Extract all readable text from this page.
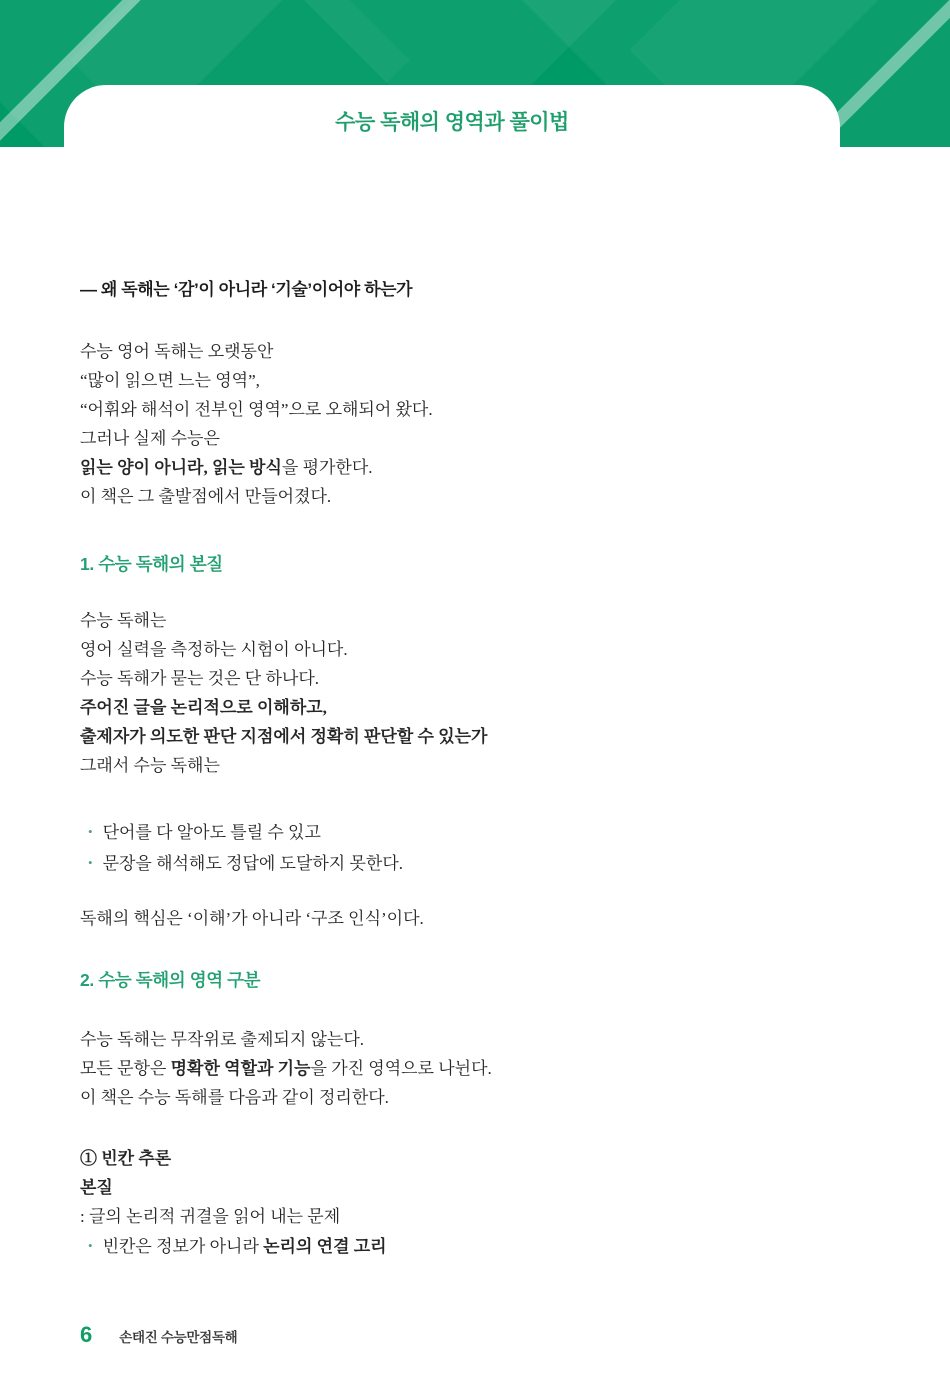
수능 독해의 영역과 풀이법
— 왜 독해는 ‘감’이 아니라 ‘기술’이어야 하는가

수능 영어 독해는 오랫동안

“많이 읽으면 느는 영역”,

“어휘와 해석이 전부인 영역”으로 오해되어 왔다.

그러나 실제 수능은

읽는 양이 아니라, 읽는 방식을 평가한다.

이 책은 그 출발점에서 만들어졌다.

1. 수능 독해의 본질

수능 독해는

영어 실력을 측정하는 시험이 아니다.

수능 독해가 묻는 것은 단 하나다.

주어진 글을 논리적으로 이해하고,

출제자가 의도한 판단 지점에서 정확히 판단할 수 있는가

그래서 수능 독해는

• 단어를 다 알아도 틀릴 수 있고

• 문장을 해석해도 정답에 도달하지 못한다.

독해의 핵심은 ‘이해’가 아니라 ‘구조 인식’이다.

2. 수능 독해의 영역 구분

수능 독해는 무작위로 출제되지 않는다.

모든 문항은 명확한 역할과 기능을 가진 영역으로 나뉜다.

이 책은 수능 독해를 다음과 같이 정리한다.

① 빈칸 추론

본질

: 글의 논리적 귀결을 읽어 내는 문제

• 빈칸은 정보가 아니라 논리의 연결 고리

6 손태진 수능만점독해
